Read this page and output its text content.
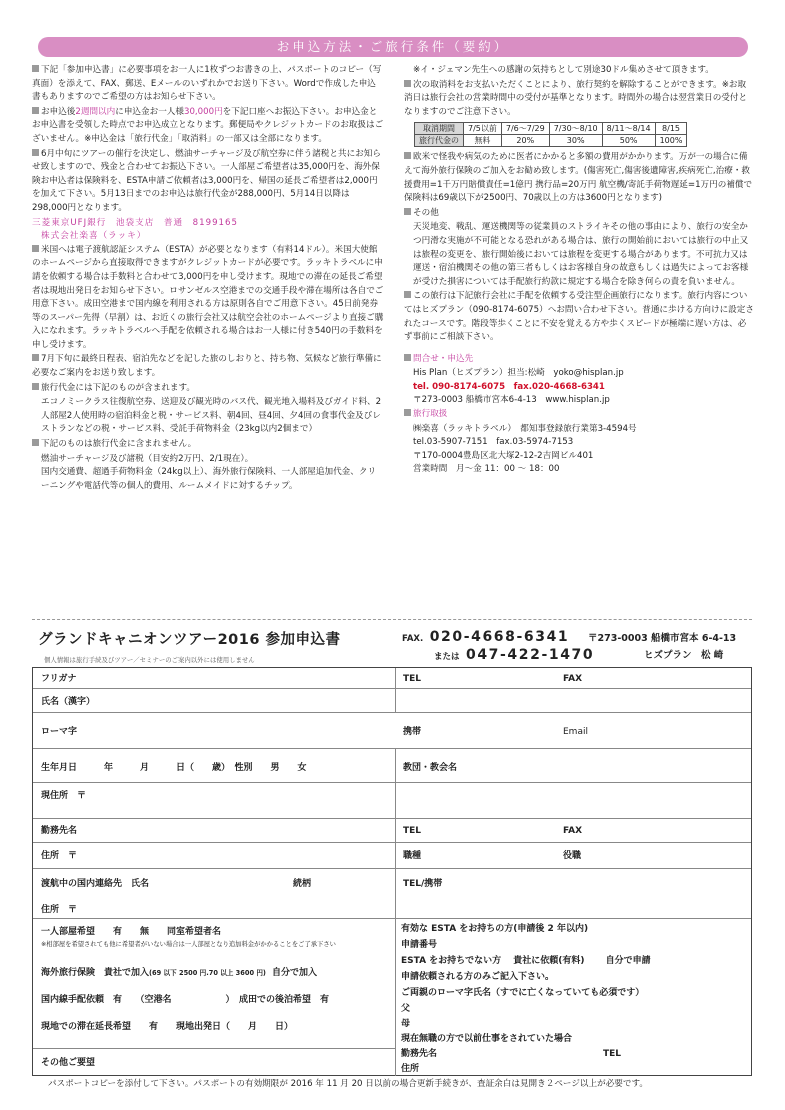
お申込方法・ご旅行条件（要約）
下記「参加申込書」に必要事項をお一人に1枚ずつお書きの上、パスポートのコピー（写真面）を添えて、FAX、郵送、Eメールのいずれかでお送り下さい。Wordで作成した申込書もありますのでご希望の方はお知らせ下さい。
お申込後2週間以内に申込金お一人様30,000円を下記口座へお振込下さい。お申込金とお申込書を受領した時点でお申込成立となります。郵便局やクレジットカードのお取扱はございません。※申込金は「旅行代金」「取消料」の一部又は全部になります。
6月中旬にツアーの催行を決定し、燃油サーチャージ及び航空券に伴う諸税と共にお知らせ致しますので、残金と合わせてお振込下さい。一人部屋ご希望者は35,000円を、海外保険お申込者は保険料を、ESTA申請ご依頼者は3,000円を、帰国の延長ご希望者は2,000円を加えて下さい。5月13日までのお申込は旅行代金が288,000円、5月14日以降は298,000円となります。
三菱東京UFJ銀行　池袋支店　普通　8199165
株式会社楽喜（ラッキ）
米国へは電子渡航認証システム（ESTA）が必要となります（有料14ドル）。米国大使館のホームページから直接取得できますがクレジットカードが必要です。ラッキトラベルに申請を依頼する場合は手数料と合わせて3,000円を申し受けます。現地での滞在の延長ご希望者は現地出発日をお知らせ下さい。ロサンゼルス空港までの交通手段や滞在場所は各自でご用意下さい。成田空港まで国内線を利用される方は原則各自でご用意下さい。45日前発券等のスーパー先得（早割）は、お近くの旅行会社又は航空会社のホームページより直接ご購入になれます。ラッキトラベルへ手配を依頼される場合はお一人様に付き540円の手数料を申し受けます。
7月下旬に最終日程表、宿泊先などを記した旅のしおりと、持ち物、気候など旅行準備に必要なご案内をお送り致します。
旅行代金には下記のものが含まれます。
エコノミークラス往復航空券、送迎及び観光時のバス代、観光地入場料及びガイド料、2人部屋2人使用時の宿泊料金と税・サービス料、朝4回、昼4回、夕4回の食事代金及びレストランなどの税・サービス料、受託手荷物料金（23kg以内2個まで）
下記のものは旅行代金に含まれません。
燃油サーチャージ及び諸税（目安約2万円、2/1現在）。
国内交通費、超過手荷物料金（24kg以上）、海外旅行保険料、一人部屋追加代金、クリーニングや電話代等の個人的費用、ルームメイドに対するチップ。
※イ・ジェマン先生への感謝の気持ちとして別途30ドル集めさせて頂きます。
次の取消料をお支払いただくことにより、旅行契約を解除することができます。※お取消日は旅行会社の営業時間中の受付が基準となります。時間外の場合は翌営業日の受付となりますのでご注意下さい。
取消期間	7/5以前	7/6〜7/29	7/30〜8/10	8/11〜8/14	8/15
旅行代金の	無料	20%	30%	50%	100%
欧米で怪我や病気のために医者にかかると多額の費用がかかります。万が一の場合に備えて海外旅行保険のご加入をお勧め致します。(傷害死亡,傷害後遺障害,疾病死亡,治療・救援費用=1千万円賠償責任=1億円 携行品=20万円 航空機/寄託手荷物遅延=1万円の補償で保険料は69歳以下が2500円、70歳以上の方は3600円となります)
その他
天災地変、戦乱、運送機関等の従業員のストライキその他の事由により、旅行の安全かつ円滑な実施が不可能となる恐れがある場合は、旅行の開始前においては旅行の中止又は旅程の変更を、旅行開始後においては旅程を変更する場合があります。不可抗力又は運送・宿泊機関その他の第三者もしくはお客様自身の故意もしくは過失によってお客様が受けた損害については手配旅行約款に規定する場合を除き何らの責を負いません。
この旅行は下記旅行会社に手配を依頼する受注型企画旅行になります。旅行内容についてはヒズプラン（090-8174-6075）へお問い合わせ下さい。普通に歩ける方向けに設定されたコースです。階段等歩くことに不安を覚える方や歩くスピードが極端に遅い方は、必ず事前にご相談下さい。
問合せ・申込先
His Plan（ヒズプラン）担当:松崎　yoko@hisplan.jp
tel. 090-8174-6075　fax.020-4668-6341
〒273-0003 船橋市宮本6-4-13　www.hisplan.jp
旅行取扱
㈱楽喜（ラッキトラベル）　都知事登録旅行業第3-4594号
tel.03-5907-7151　fax.03-5974-7153
〒170-0004豊島区北大塚2-12-2吉岡ビル401
営業時間　月〜金 11：00 〜 18：00
グランドキャニオンツアー2016 参加申込書
個人情報は旅行手続及びツアー／セミナーのご案内以外には使用しません
FAX. 020-4668-6341
または 047-422-1470
〒273-0003 船橋市宮本 6-4-13
ヒズプラン　松 崎
フリガナ	TEL	FAX
氏名（漢字）
ローマ字	携帯	Email
生年月日　　　年　　　月　　　日（　　歳）　性別　　男　　女	教団・教会名
現住所　〒
勤務先名	TEL	FAX
住所　〒	職種	役職
渡航中の国内連絡先　氏名	続柄	TEL/携帯
住所　〒
一人部屋希望　　有　　無　　同室希望者名
※相部屋を希望されても他に希望者がいない場合は一人部屋となり追加料金がかかることをご了承下さい
海外旅行保険　貴社で加入(69 以下 2500 円.70 以上 3600 円) 自分で加入
国内線手配依頼　有　　（空港名　　　　　　）　成田での後泊希望　有
現地での滞在延長希望　　有　　現地出発日（　　月　　日）
その他ご要望
有効な ESTA をお持ちの方(申請後 2 年以内)
申請番号
ESTA をお持ちでない方　 貴社に依頼(有料)　　 自分で申請
申請依頼される方のみご記入下さい。
ご両親のローマ字氏名（すでに亡くなっていても必須です）
父
母
現在無職の方で以前仕事をされていた場合
勤務先名	TEL
住所
パスポートコピーを添付して下さい。パスポートの有効期限が 2016 年 11 月 20 日以前の場合更新手続きが、査証余白は見開き２ページ以上が必要です。
